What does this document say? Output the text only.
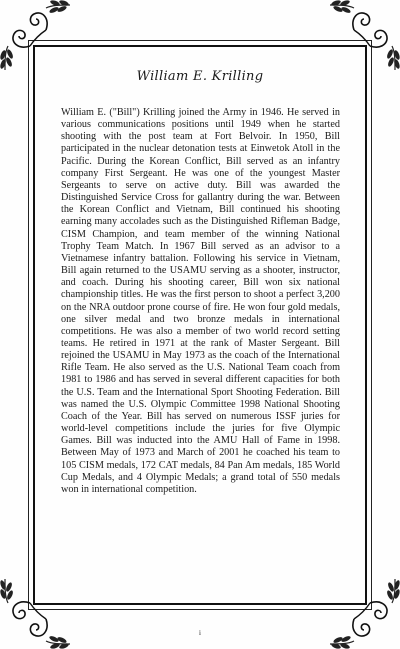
William E. Krilling

William E. ("Bill") Krilling joined the Army in 1946. He served in various communications positions until 1949 when he started shooting with the post team at Fort Belvoir. In 1950, Bill participated in the nuclear detonation tests at Einwetok Atoll in the Pacific. During the Korean Conflict, Bill served as an infantry company First Sergeant. He was one of the youngest Master Sergeants to serve on active duty. Bill was awarded the Distinguished Service Cross for gallantry during the war. Between the Korean Conflict and Vietnam, Bill continued his shooting earning many accolades such as the Distinguished Rifleman Badge, CISM Champion, and team member of the winning National Trophy Team Match. In 1967 Bill served as an advisor to a Vietnamese infantry battalion. Following his service in Vietnam, Bill again returned to the USAMU serving as a shooter, instructor, and coach. During his shooting career, Bill won six national championship titles. He was the first person to shoot a perfect 3,200 on the NRA outdoor prone course of fire. He won four gold medals, one silver medal and two bronze medals in international competitions. He was also a member of two world record setting teams. He retired in 1971 at the rank of Master Sergeant. Bill rejoined the USAMU in May 1973 as the coach of the International Rifle Team. He also served as the U.S. National Team coach from 1981 to 1986 and has served in several different capacities for both the U.S. Team and the International Sport Shooting Federation. Bill was named the U.S. Olympic Committee 1998 National Shooting Coach of the Year. Bill has served on numerous ISSF juries for world-level competitions include the juries for five Olympic Games. Bill was inducted into the AMU Hall of Fame in 1998. Between May of 1973 and March of 2001 he coached his team to 105 CISM medals, 172 CAT medals, 84 Pan Am medals, 185 World Cup Medals, and 4 Olympic Medals; a grand total of 550 medals won in international competition.

i
